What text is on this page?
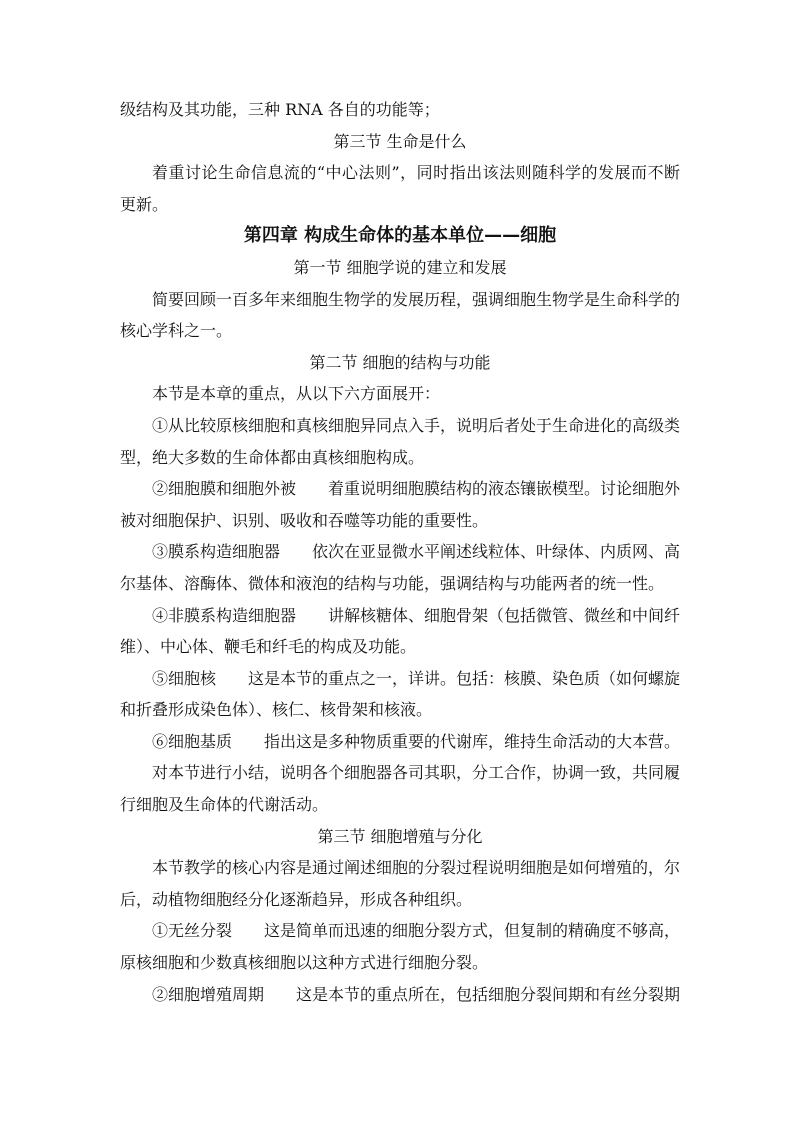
级结构及其功能，三种 RNA 各自的功能等；

第三节 生命是什么

着重讨论生命信息流的“中心法则”，同时指出该法则随科学的发展而不断

更新。

第四章 构成生命体的基本单位——细胞

第一节 细胞学说的建立和发展

简要回顾一百多年来细胞生物学的发展历程，强调细胞生物学是生命科学的

核心学科之一。

第二节 细胞的结构与功能

本节是本章的重点，从以下六方面展开：

①从比较原核细胞和真核细胞异同点入手，说明后者处于生命进化的高级类

型，绝大多数的生命体都由真核细胞构成。

②细胞膜和细胞外被　　着重说明细胞膜结构的液态镶嵌模型。讨论细胞外

被对细胞保护、识别、吸收和吞噬等功能的重要性。

③膜系构造细胞器　　依次在亚显微水平阐述线粒体、叶绿体、内质网、高

尔基体、溶酶体、微体和液泡的结构与功能，强调结构与功能两者的统一性。

④非膜系构造细胞器　　讲解核糖体、细胞骨架（包括微管、微丝和中间纤

维）、中心体、鞭毛和纤毛的构成及功能。

⑤细胞核　　这是本节的重点之一，详讲。包括：核膜、染色质（如何螺旋

和折叠形成染色体）、核仁、核骨架和核液。

⑥细胞基质　　指出这是多种物质重要的代谢库，维持生命活动的大本营。

对本节进行小结，说明各个细胞器各司其职，分工合作，协调一致，共同履

行细胞及生命体的代谢活动。

第三节 细胞增殖与分化

本节教学的核心内容是通过阐述细胞的分裂过程说明细胞是如何增殖的，尔

后，动植物细胞经分化逐渐趋异，形成各种组织。

①无丝分裂　　这是简单而迅速的细胞分裂方式，但复制的精确度不够高，

原核细胞和少数真核细胞以这种方式进行细胞分裂。

②细胞增殖周期　　这是本节的重点所在，包括细胞分裂间期和有丝分裂期
